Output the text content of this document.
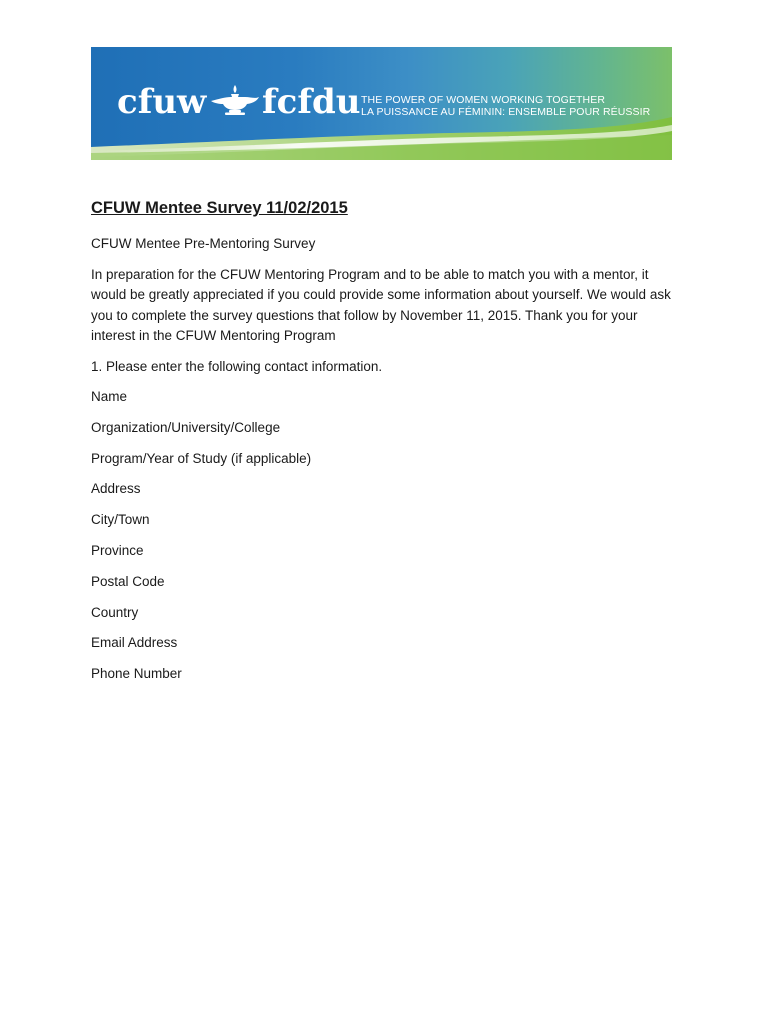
cfuw fcfdu THE POWER OF WOMEN WORKING TOGETHER
LA PUISSANCE AU FÉMININ: ENSEMBLE POUR RÉUSSIR
CFUW Mentee Survey 11/02/2015
CFUW Mentee Pre-Mentoring Survey
In preparation for the CFUW Mentoring Program and to be able to match you with a mentor, it would be greatly appreciated if you could provide some information about yourself. We would ask you to complete the survey questions that follow by November 11, 2015. Thank you for your interest in the CFUW Mentoring Program
1. Please enter the following contact information.
Name
Organization/University/College
Program/Year of Study (if applicable)
Address
City/Town
Province
Postal Code
Country
Email Address
Phone Number
